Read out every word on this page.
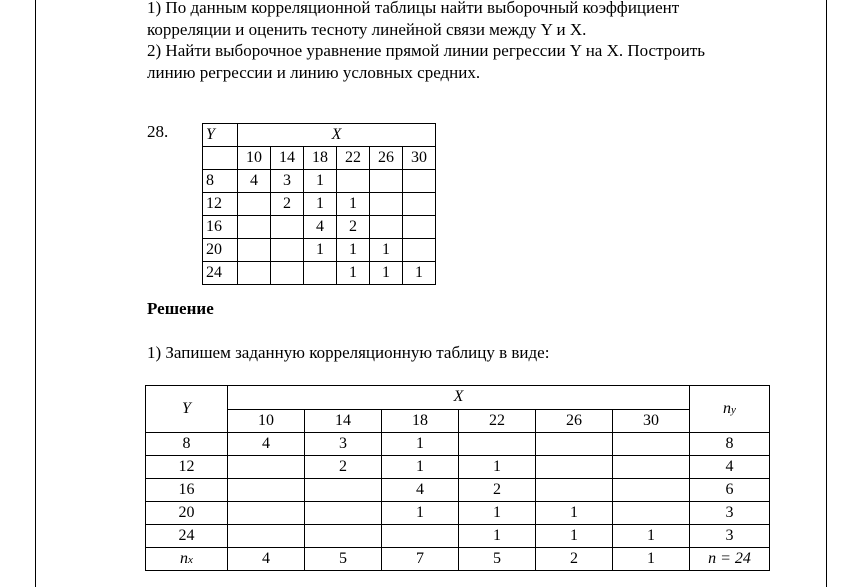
1) По данным корреляционной таблицы найти выборочный коэффициент
корреляции и оценить тесноту линейной связи между Y и X.
2) Найти выборочное уравнение прямой линии регрессии Y на X. Построить
линию регрессии и линию условных средних.
28. Y	X					
	10	14	18	22	26	30
8	4	3	1			
12		2	1	1		
16			4	2		
20			1	1	1	
24				1	1	1
Решение
1) Запишем заданную корреляционную таблицу в виде:
Y	X						ny
	10	14	18	22	26	30	
8	4	3	1				8
12		2	1	1			4
16			4	2			6
20			1	1	1		3
24				1	1	1	3
nx	4	5	7	5	2	1	n = 24
